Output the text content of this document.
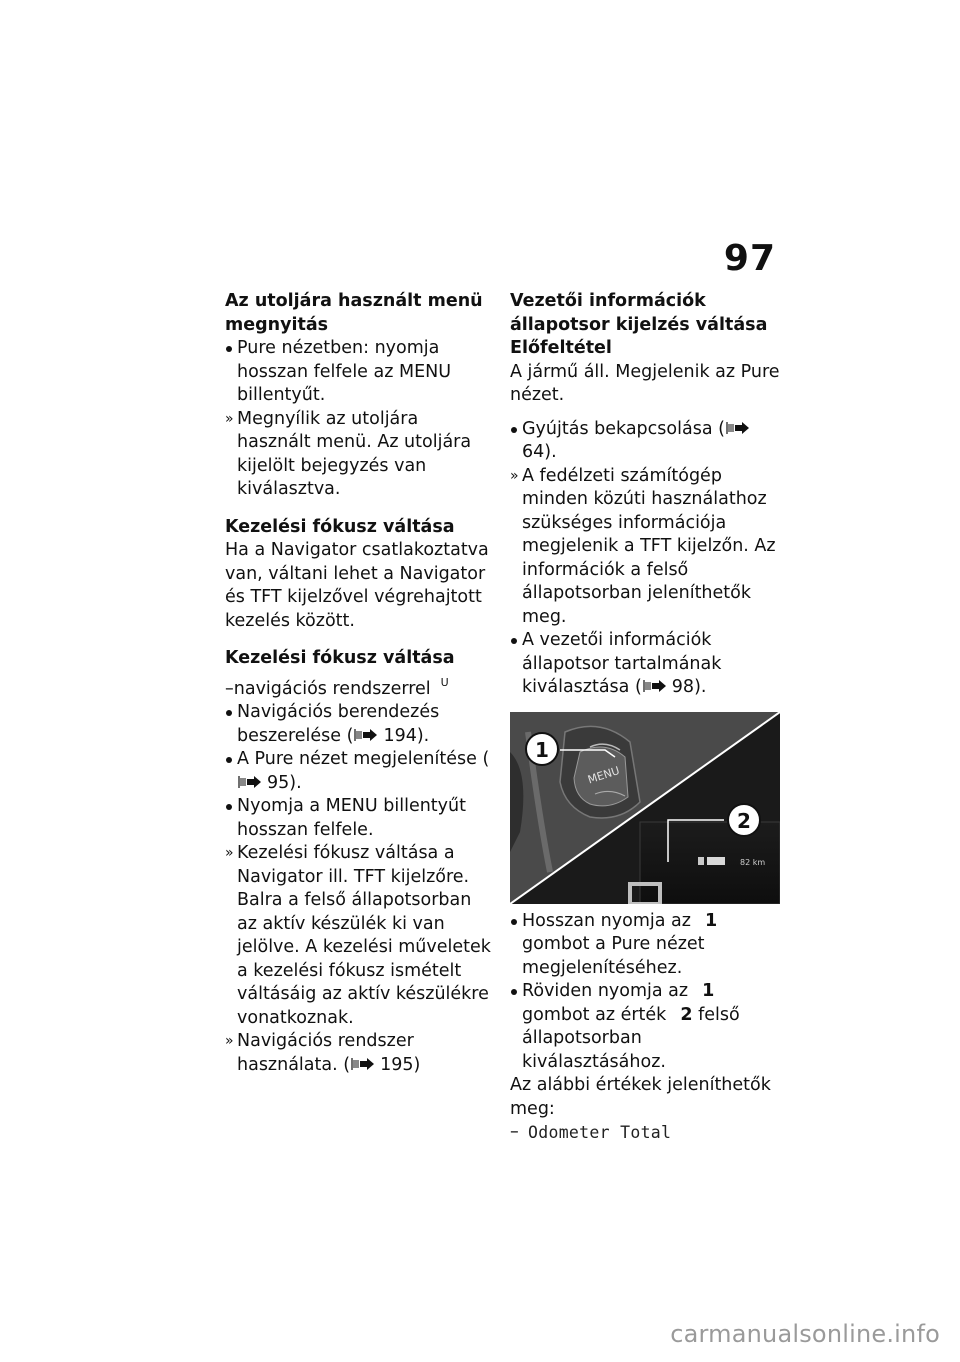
97
Az utoljára használt menü megnyitás
Pure nézetben: nyomja hosszan felfele az MENU billentyűt.
» Megnyílik az utoljára használt menü. Az utoljára kijelölt bejegyzés van kiválasztva.
Kezelési fókusz váltása

Ha a Navigator csatlakoztatva van, váltani lehet a Navigator és TFT kijelzővel végrehajtott kezelés között.

Kezelési fókusz váltása

–navigációs rendszerrel $^U$

Navigációs berendezés beszerelése ( 194).
A Pure nézet megjelenítése (
95).
Nyomja a MENU billentyűt hosszan felfele.
» Kezelési fókusz váltása a Navigator ill. TFT kijelzőre. Balra a felső állapotsorban az aktív készülék ki van jelölve. A kezelési műveletek a kezelési fókusz ismételt váltásáig az aktív készülékre vonatkoznak.
» Navigációs rendszer használata. ( 195)
Vezetői információk állapotsor kijelzés váltása
Előfeltétel

A jármű áll. Megjelenik az Pure nézet.

Gyújtás bekapcsolása (
64).
» A fedélzeti számítógép minden közúti használathoz szükséges információja megjelenik a TFT kijelzőn. Az információk a felső állapotsorban jeleníthetők meg.
A vezetői információk állapotsor tartalmának kiválasztása ( 98).
MENU
82 km
1
2
Hosszan nyomja az 1 gombot a Pure nézet megjelenítéséhez.
Röviden nyomja az 1 gombot az érték 2 felső állapotsorban kiválasztásához.

Az alábbi értékek jeleníthetők meg:

– Odometer Total
carmanualsonline.info
